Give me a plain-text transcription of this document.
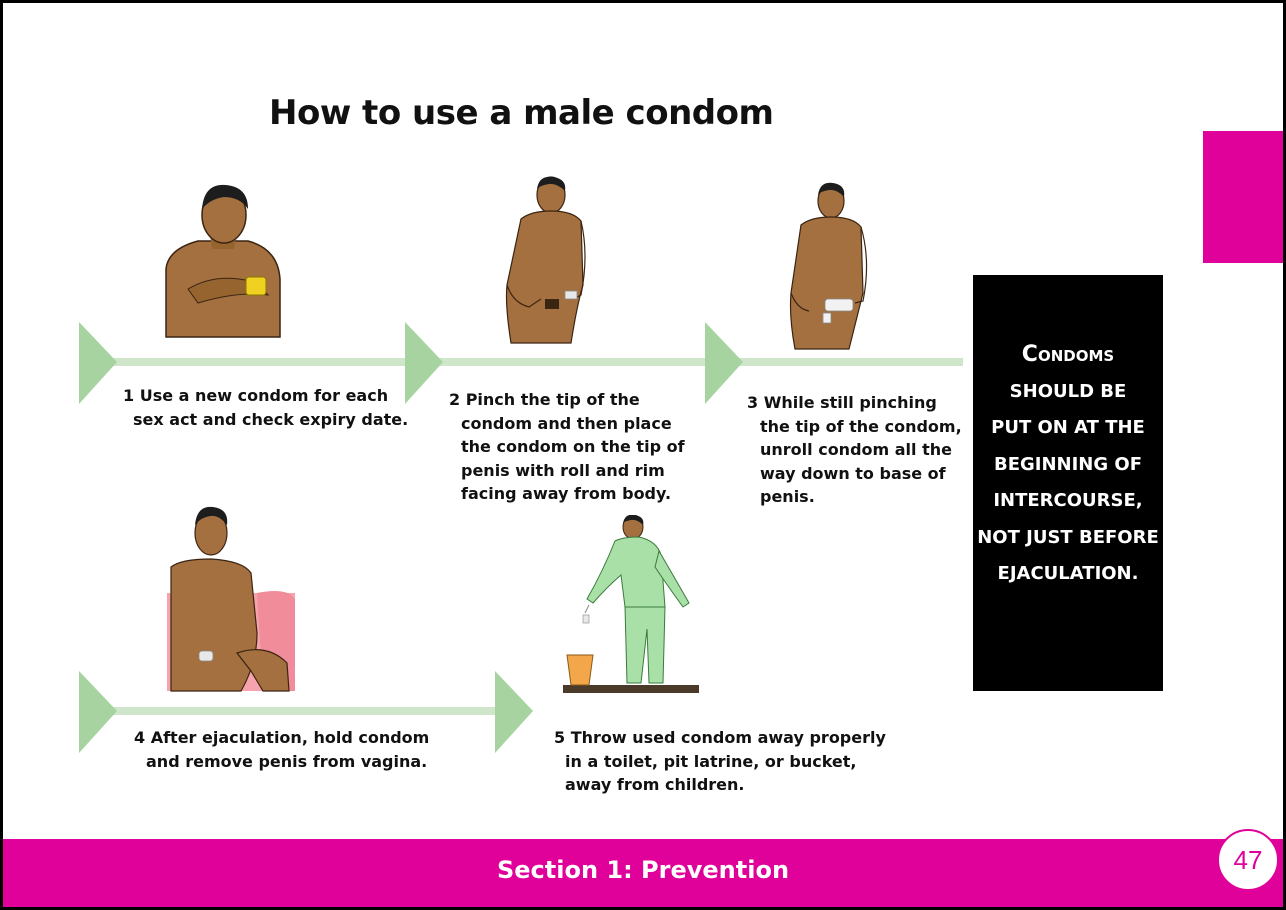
How to use a male condom
1 Use a new condom for each
sex act and check expiry date.
2 Pinch the tip of the
condom and then place
the condom on the tip of
penis with roll and rim
facing away from body.
3 While still pinching
the tip of the condom,
unroll condom all the
way down to base of
penis.
4 After ejaculation, hold condom
and remove penis from vagina.
5 Throw used condom away properly
in a toilet, pit latrine, or bucket,
away from children.
Condoms
SHOULD BE
PUT ON AT THE
BEGINNING OF
INTERCOURSE,
NOT JUST BEFORE
EJACULATION.
Section 1: Prevention	47
